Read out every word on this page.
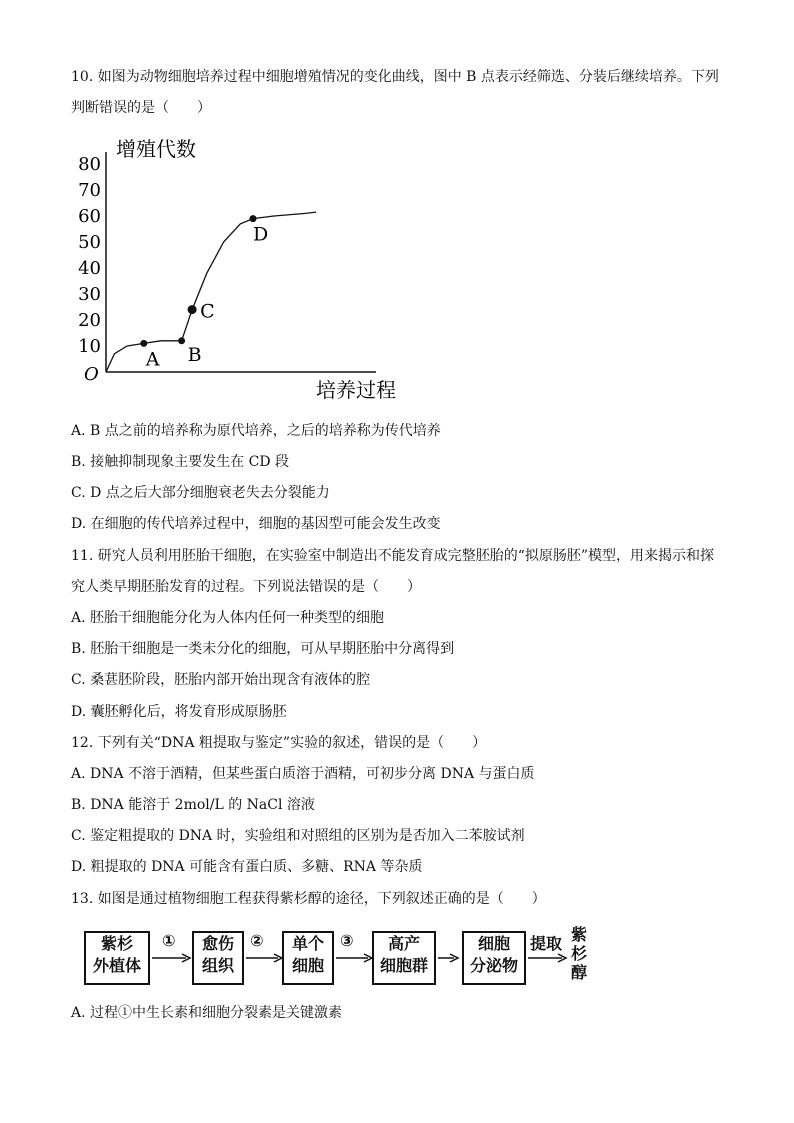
10. 如图为动物细胞培养过程中细胞增殖情况的变化曲线，图中 B 点表示经筛选、分装后继续培养。下列
判断错误的是（　　）
10
20
30
40
50
60
70
80
增殖代数
培养过程
O
A B
C
D
A. B 点之前的培养称为原代培养，之后的培养称为传代培养
B. 接触抑制现象主要发生在 CD 段
C. D 点之后大部分细胞衰老失去分裂能力
D. 在细胞的传代培养过程中，细胞的基因型可能会发生改变
11. 研究人员利用胚胎干细胞，在实验室中制造出不能发育成完整胚胎的“拟原肠胚”模型，用来揭示和探
究人类早期胚胎发育的过程。下列说法错误的是（　　）
A. 胚胎干细胞能分化为人体内任何一种类型的细胞
B. 胚胎干细胞是一类未分化的细胞，可从早期胚胎中分离得到
C. 桑葚胚阶段，胚胎内部开始出现含有液体的腔
D. 囊胚孵化后，将发育形成原肠胚
12. 下列有关“DNA 粗提取与鉴定”实验的叙述，错误的是（　　）
A. DNA 不溶于酒精，但某些蛋白质溶于酒精，可初步分离 DNA 与蛋白质
B. DNA 能溶于 2mol/L 的 NaCl 溶液
C. 鉴定粗提取的 DNA 时，实验组和对照组的区别为是否加入二苯胺试剂
D. 粗提取的 DNA 可能含有蛋白质、多糖、RNA 等杂质
13. 如图是通过植物细胞工程获得紫杉醇的途径，下列叙述正确的是（　　）
紫杉
外植体
①	愈伤
组织
②	单个
细胞
③	高产
细胞群
细胞
分泌物
提取 紫
杉
醇
A. 过程①中生长素和细胞分裂素是关键激素
